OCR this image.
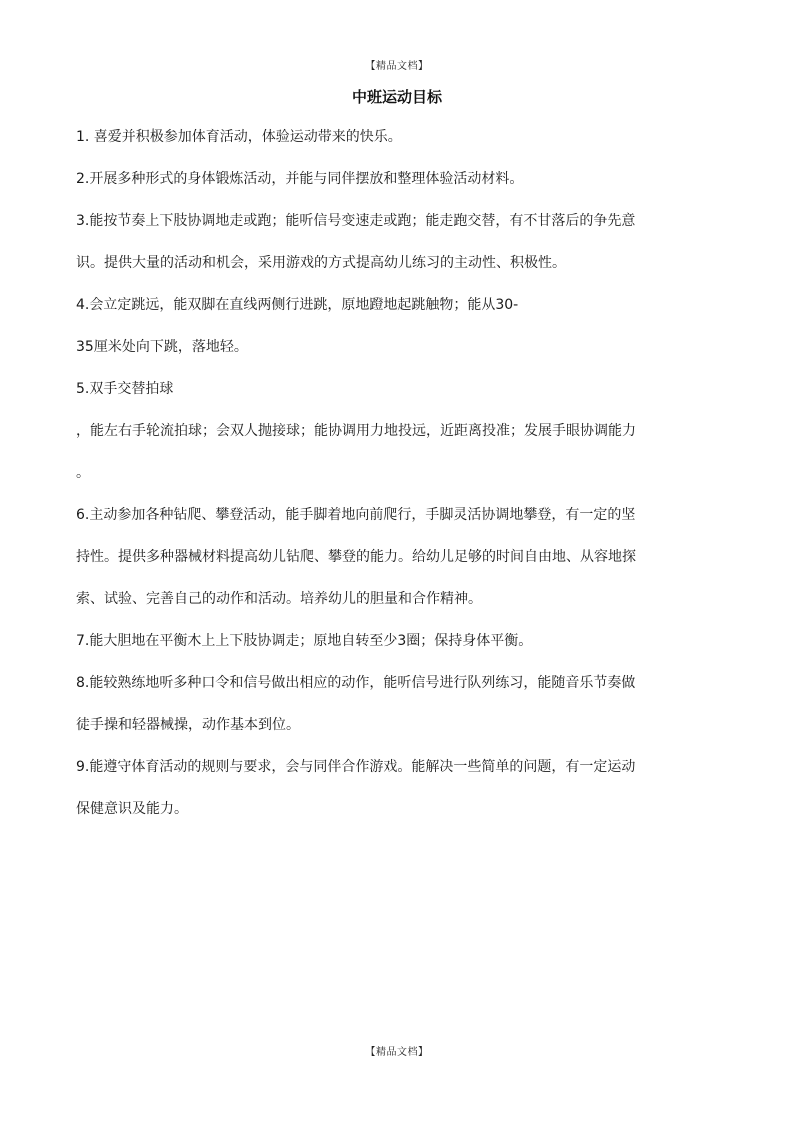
【精品文档】
中班运动目标
1. 喜爱并积极参加体育活动，体验运动带来的快乐。
2.开展多种形式的身体锻炼活动，并能与同伴摆放和整理体验活动材料。
3.能按节奏上下肢协调地走或跑；能听信号变速走或跑；能走跑交替，有不甘落后的争先意
识。提供大量的活动和机会，采用游戏的方式提高幼儿练习的主动性、积极性。
4.会立定跳远，能双脚在直线两侧行进跳，原地蹬地起跳触物；能从30-
35厘米处向下跳，落地轻。
5.双手交替拍球
，能左右手轮流拍球；会双人抛接球；能协调用力地投远，近距离投准；发展手眼协调能力
。
6.主动参加各种钻爬、攀登活动，能手脚着地向前爬行，手脚灵活协调地攀登，有一定的坚
持性。提供多种器械材料提高幼儿钻爬、攀登的能力。给幼儿足够的时间自由地、从容地探
索、试验、完善自己的动作和活动。培养幼儿的胆量和合作精神。
7.能大胆地在平衡木上上下肢协调走；原地自转至少3圈；保持身体平衡。
8.能较熟练地听多种口令和信号做出相应的动作，能听信号进行队列练习，能随音乐节奏做
徒手操和轻器械操，动作基本到位。
9.能遵守体育活动的规则与要求，会与同伴合作游戏。能解决一些简单的问题，有一定运动
保健意识及能力。
【精品文档】
